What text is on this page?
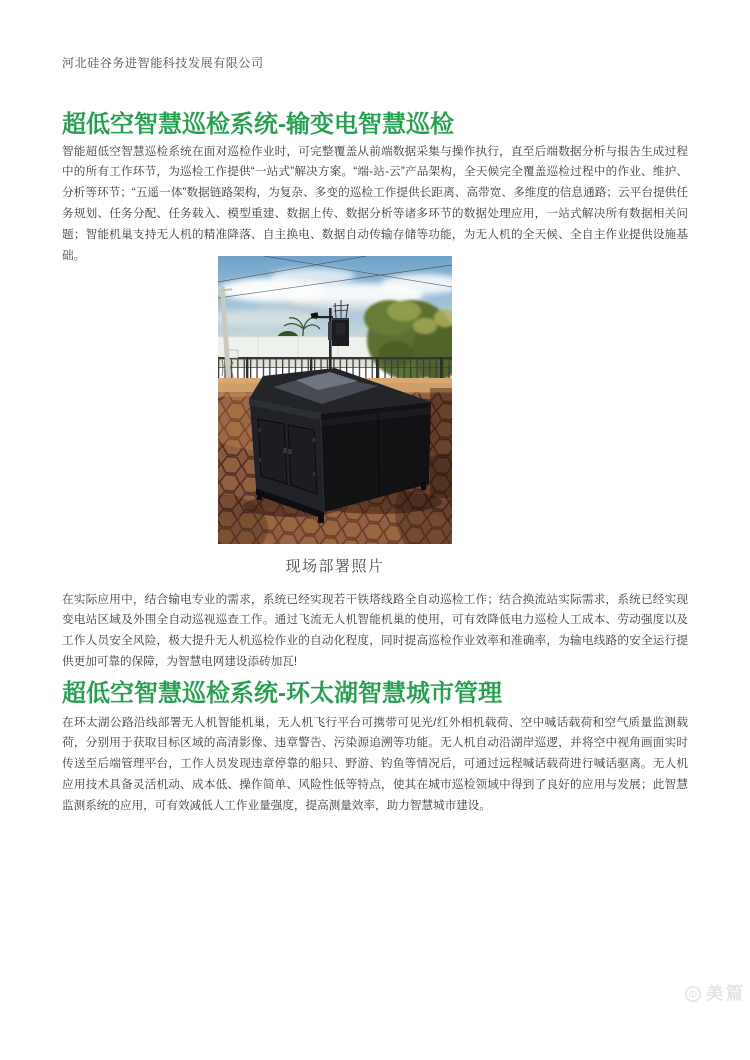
河北硅谷务进智能科技发展有限公司
超低空智慧巡检系统-输变电智慧巡检

智能超低空智慧巡检系统在面对巡检作业时，可完整覆盖从前端数据采集与操作执行，直至后端数据分析与报告生成过程中的所有工作环节，为巡检工作提供“一站式”解决方案。“端-站-云”产品架构，全天候完全覆盖巡检过程中的作业、维护、分析等环节；“五遥一体”数据链路架构，为复杂、多变的巡检工作提供长距离、高带宽、多维度的信息通路；云平台提供任务规划、任务分配、任务载入、模型重建、数据上传、数据分析等诸多环节的数据处理应用，一站式解决所有数据相关问题；智能机巢支持无人机的精准降落、自主换电、数据自动传输存储等功能，为无人机的全天候、全自主作业提供设施基础。

现场部署照片

在实际应用中，结合输电专业的需求，系统已经实现若干铁塔线路全自动巡检工作；结合换流站实际需求，系统已经实现变电站区域及外围全自动巡视巡查工作。通过飞流无人机智能机巢的使用，可有效降低电力巡检人工成本、劳动强度以及工作人员安全风险，极大提升无人机巡检作业的自动化程度，同时提高巡检作业效率和准确率，为输电线路的安全运行提供更加可靠的保障，为智慧电网建设添砖加瓦!

超低空智慧巡检系统-环太湖智慧城市管理

在环太湖公路沿线部署无人机智能机巢，无人机飞行平台可携带可见光/红外相机载荷、空中喊话载荷和空气质量监测载荷，分别用于获取目标区域的高清影像、违章警告、污染源追溯等功能。无人机自动沿湖岸巡逻，并将空中视角画面实时传送至后端管理平台，工作人员发现违章停靠的船只、野游、钓鱼等情况后，可通过远程喊话载荷进行喊话驱离。无人机应用技术具备灵活机动、成本低、操作简单、风险性低等特点，使其在城市巡检领域中得到了良好的应用与发展；此智慧监测系统的应用，可有效减低人工作业量强度，提高测量效率，助力智慧城市建设。

美篇
